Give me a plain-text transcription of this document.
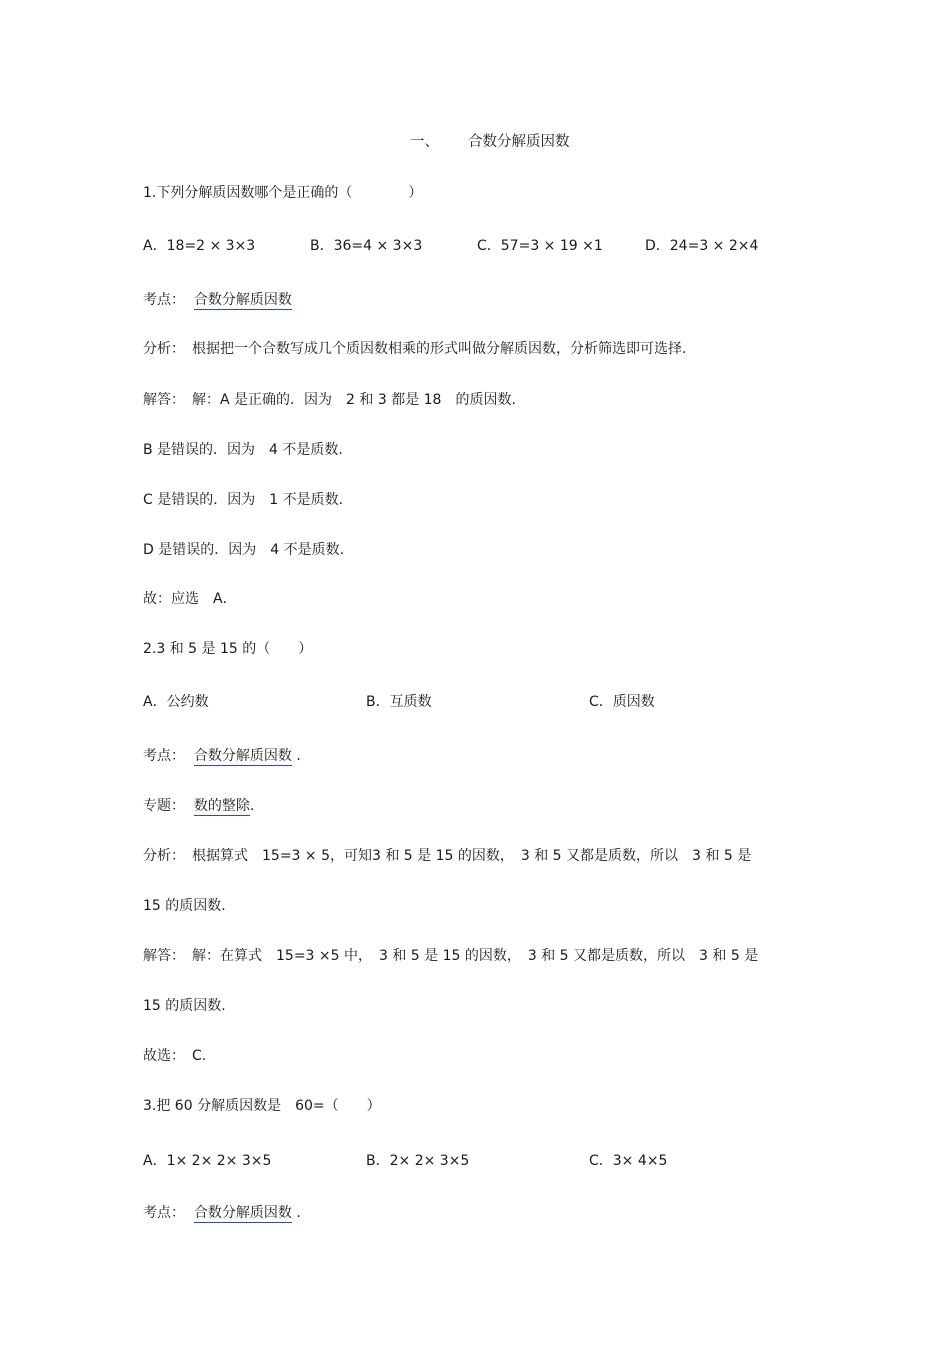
一、 合数分解质因数
1.下列分解质因数哪个是正确的（　　　　）
A．18=2 × 3×3	B．36=4 × 3×3	C．57=3 × 19 ×1	D．24=3 × 2×4
考点： 合数分解质因数
分析：　根据把一个合数写成几个质因数相乘的形式叫做分解质因数，分析筛选即可选择.
解答：　解：A 是正确的．因为　2 和 3 都是 18　的质因数.
B 是错误的．因为　4 不是质数.
C 是错误的．因为　1 不是质数.
D 是错误的．因为　4 不是质数.
故：应选　A．
2.3 和 5 是 15 的（　　）
A．公约数	B．互质数	C．质因数
考点： 合数分解质因数 .
专题： 数的整除.
分析：　根据算式　15=3 × 5，可知3 和 5 是 15 的因数，　3 和 5 又都是质数，所以　3 和 5 是
15 的质因数.
解答：　解：在算式　15=3 ×5 中，　3 和 5 是 15 的因数，　3 和 5 又都是质数，所以　3 和 5 是
15 的质因数.
故选：　C.
3.把 60 分解质因数是　60=（　　）
A．1× 2× 2× 3×5	B．2× 2× 3×5	C．3× 4×5
考点： 合数分解质因数 .
